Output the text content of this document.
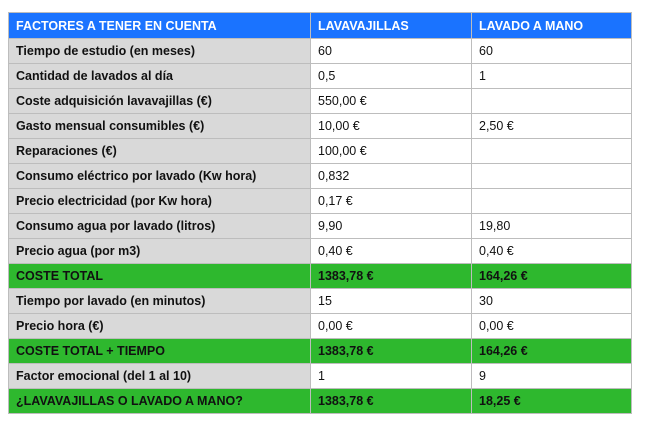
FACTORES A TENER EN CUENTA	LAVAVAJILLAS	LAVADO A MANO
Tiempo de estudio (en meses)	60	60
Cantidad de lavados al día	0,5	1
Coste adquisición lavavajillas (€)	550,00 €	
Gasto mensual consumibles (€)	10,00 €	2,50 €
Reparaciones (€)	100,00 €	
Consumo eléctrico por lavado (Kw hora)	0,832	
Precio electricidad (por Kw hora)	0,17 €	
Consumo agua por lavado (litros)	9,90	19,80
Precio agua (por m3)	0,40 €	0,40 €
COSTE TOTAL	1383,78 €	164,26 €
Tiempo por lavado (en minutos)	15	30
Precio hora (€)	0,00 €	0,00 €
COSTE TOTAL + TIEMPO	1383,78 €	164,26 €
Factor emocional (del 1 al 10)	1	9
¿LAVAVAJILLAS O LAVADO A MANO?	1383,78 €	18,25 €
